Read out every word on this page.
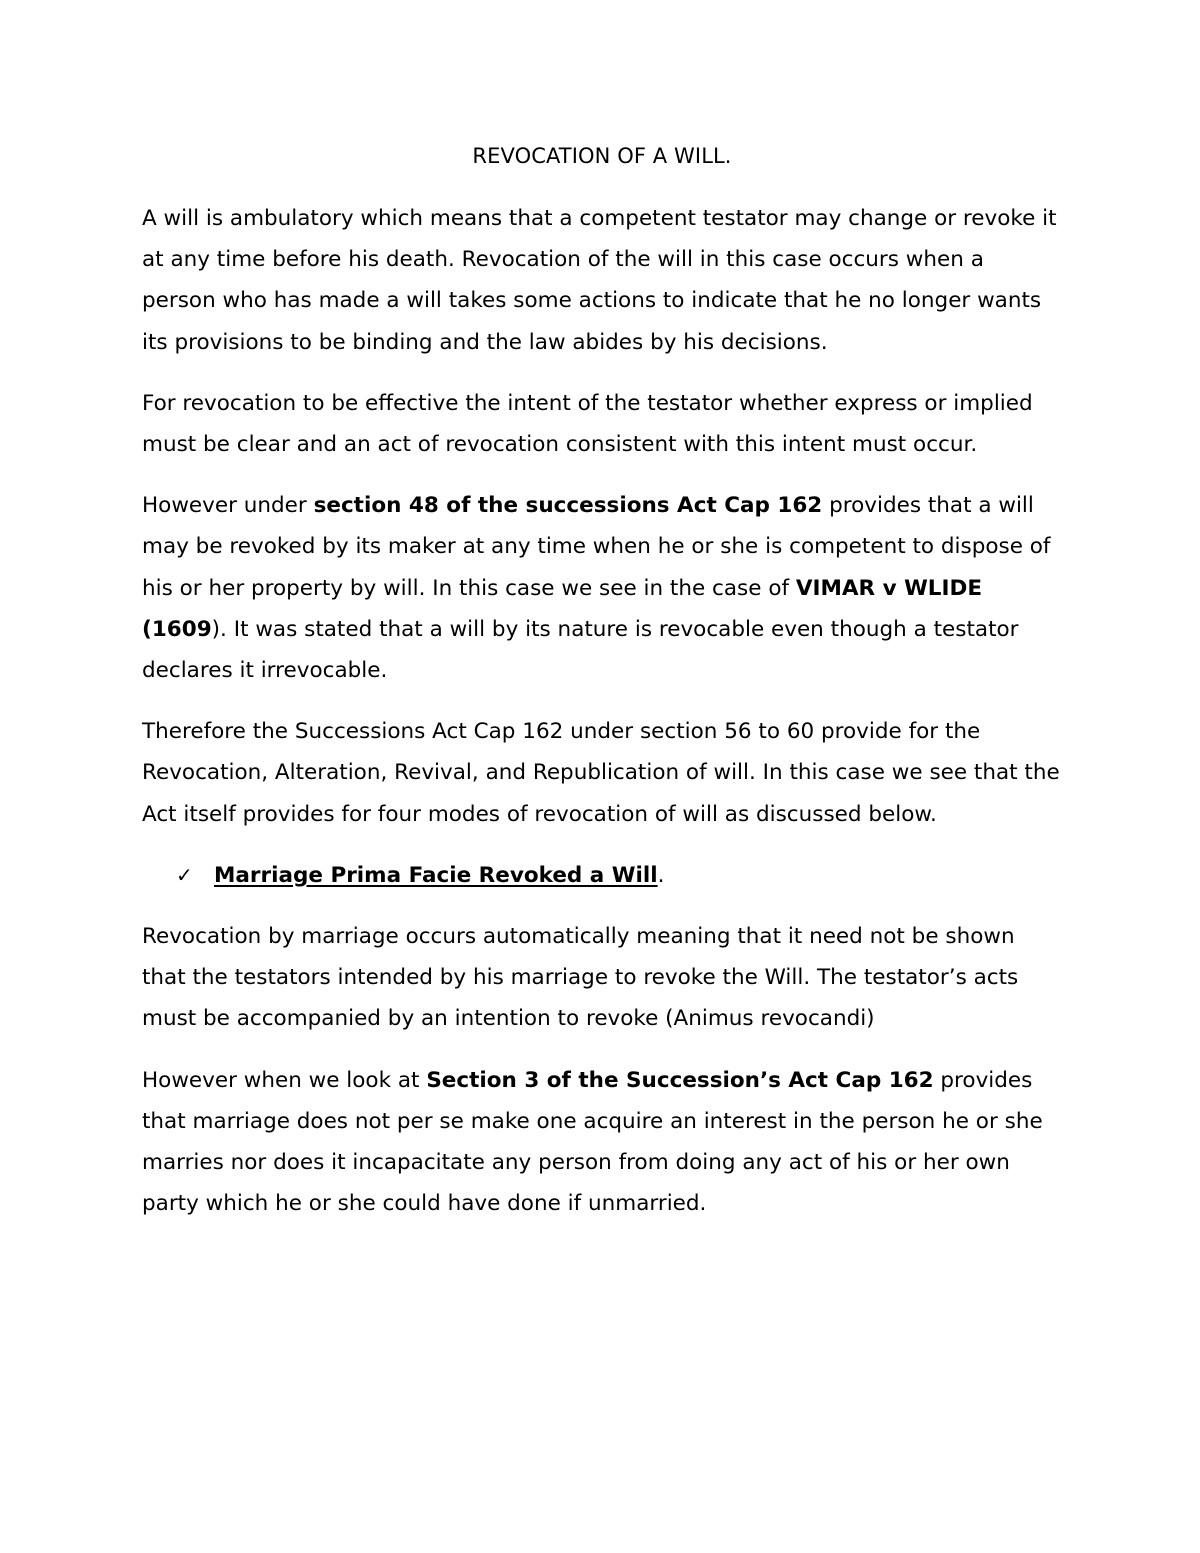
REVOCATION OF A WILL.

A will is ambulatory which means that a competent testator may change or revoke it at any time before his death. Revocation of the will in this case occurs when a person who has made a will takes some actions to indicate that he no longer wants its provisions to be binding and the law abides by his decisions.

For revocation to be effective the intent of the testator whether express or implied must be clear and an act of revocation consistent with this intent must occur.

However under section 48 of the successions Act Cap 162 provides that a will may be revoked by its maker at any time when he or she is competent to dispose of his or her property by will. In this case we see in the case of VIMAR v WLIDE (1609). It was stated that a will by its nature is revocable even though a testator declares it irrevocable.

Therefore the Successions Act Cap 162 under section 56 to 60 provide for the Revocation, Alteration, Revival, and Republication of will. In this case we see that the Act itself provides for four modes of revocation of will as discussed below.

✓ Marriage Prima Facie Revoked a Will.

Revocation by marriage occurs automatically meaning that it need not be shown that the testators intended by his marriage to revoke the Will. The testator’s acts must be accompanied by an intention to revoke (Animus revocandi)

However when we look at Section 3 of the Succession’s Act Cap 162 provides that marriage does not per se make one acquire an interest in the person he or she marries nor does it incapacitate any person from doing any act of his or her own party which he or she could have done if unmarried.
